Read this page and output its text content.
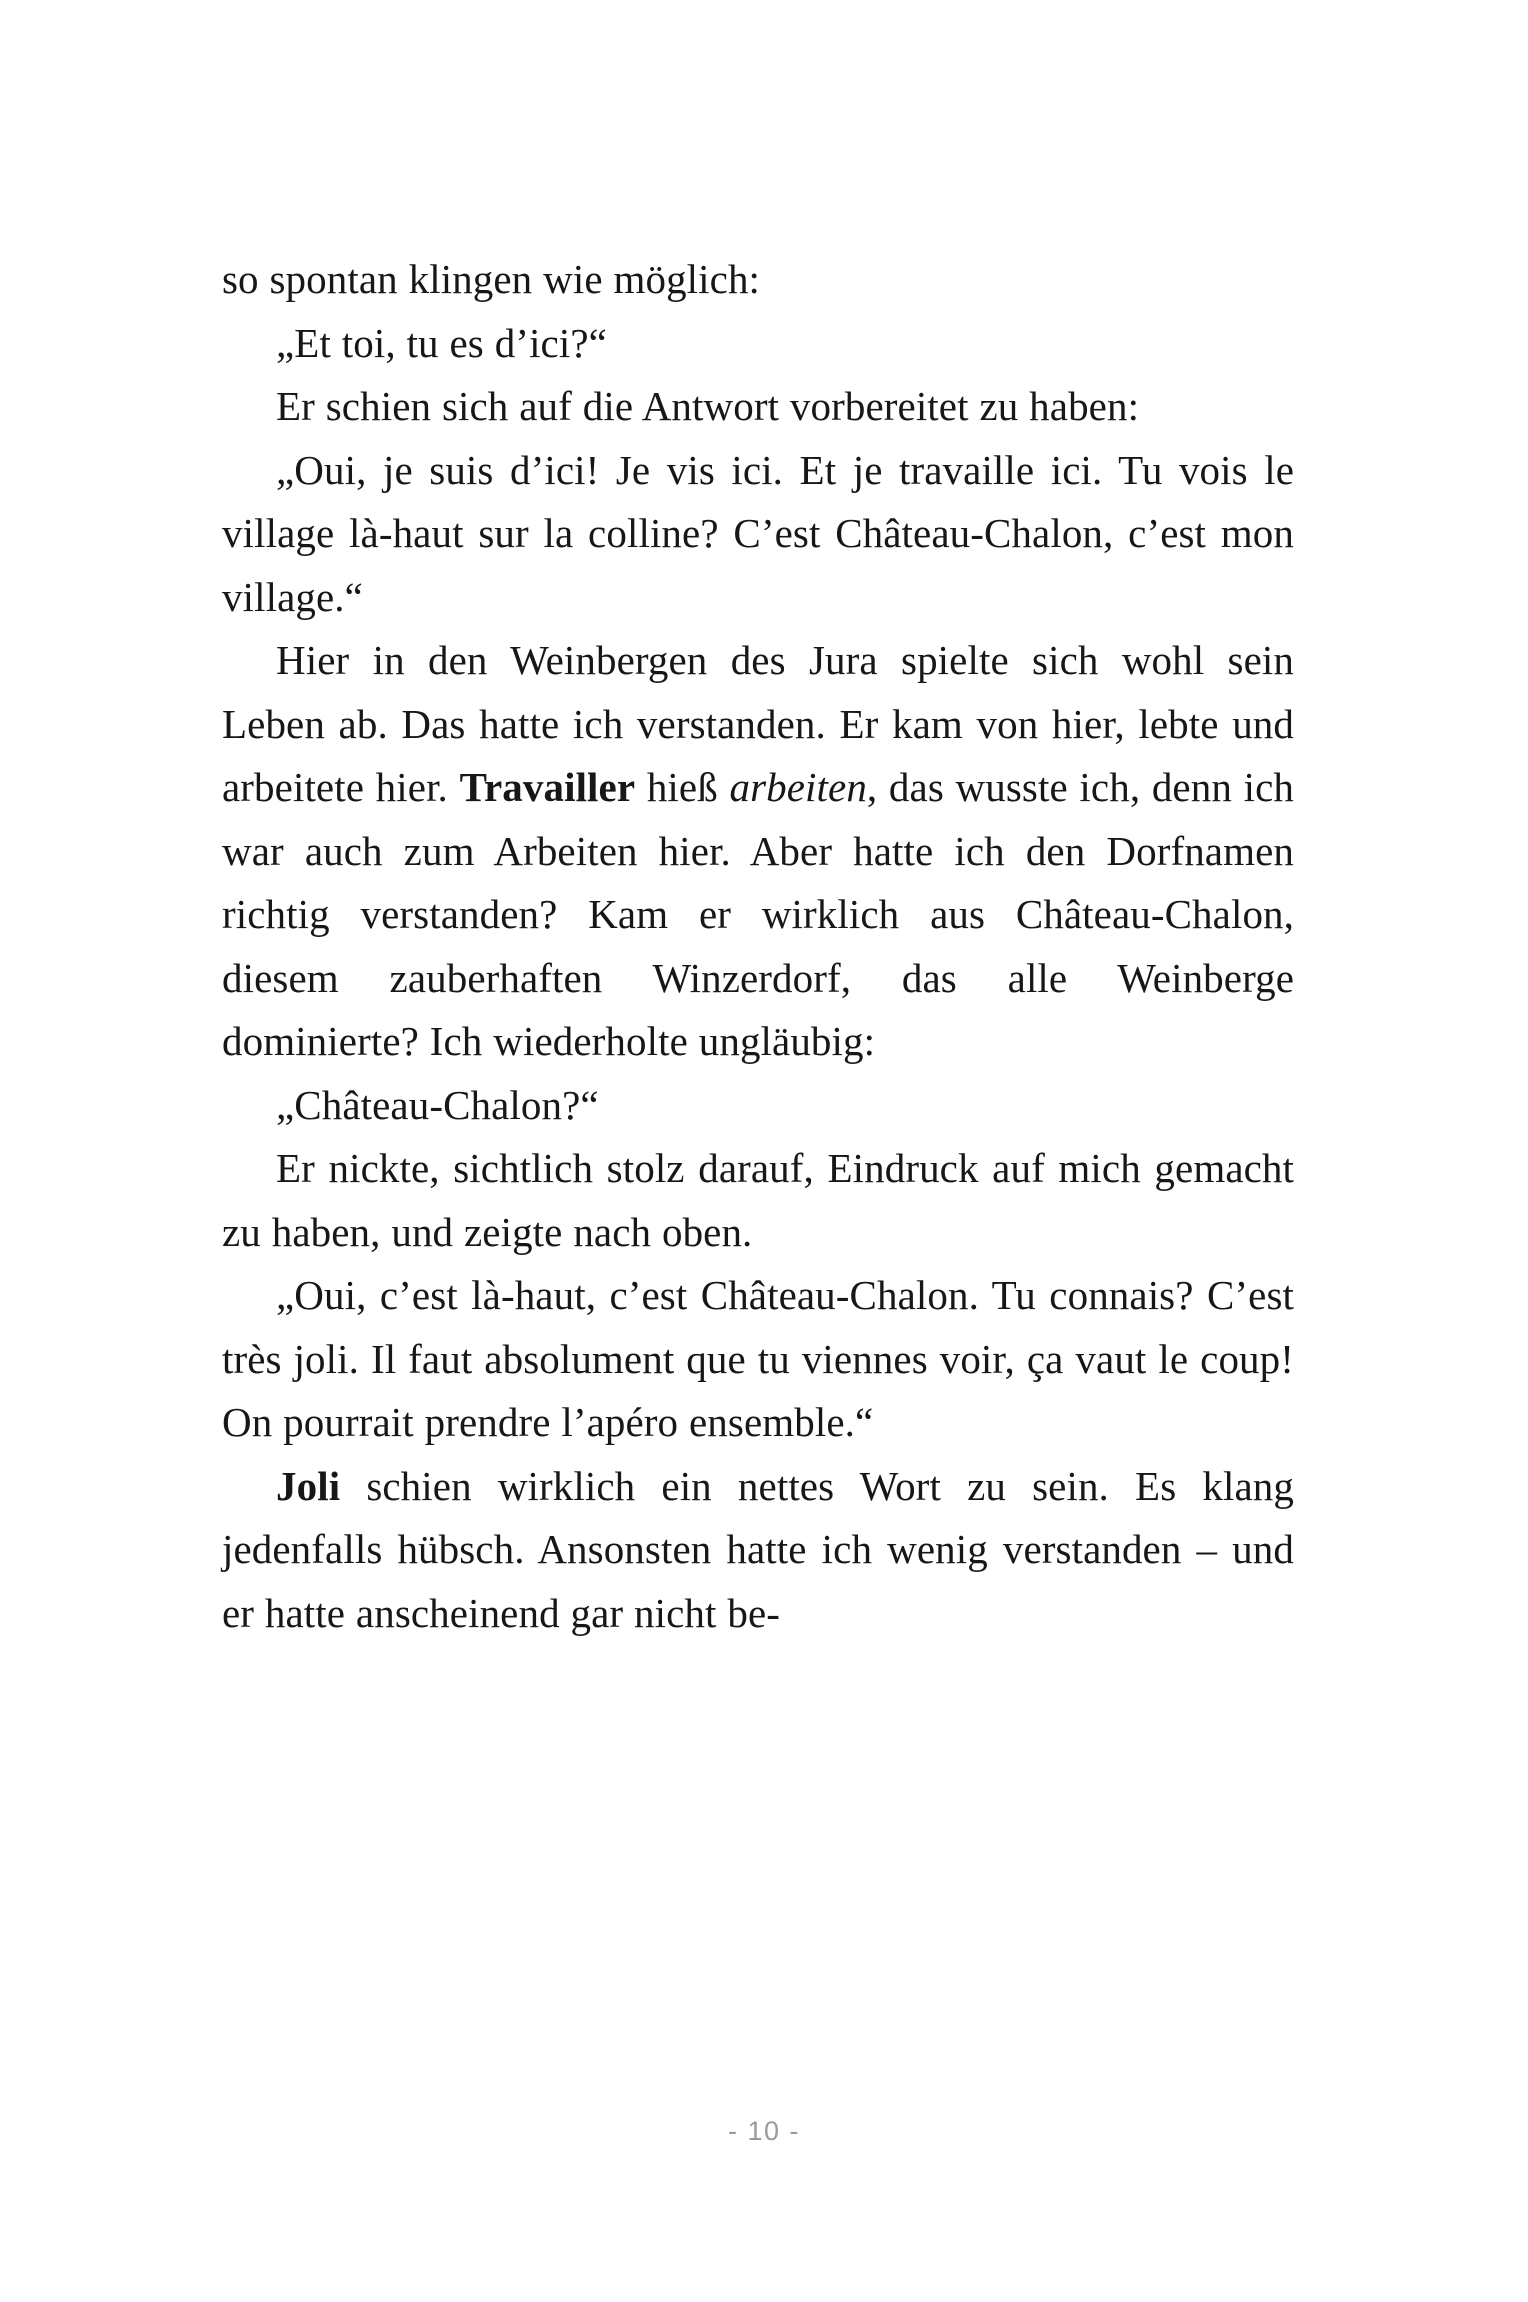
so spontan klingen wie möglich:

„Et toi, tu es d’ici?“

Er schien sich auf die Antwort vorbereitet zu haben:

„Oui, je suis d’ici! Je vis ici. Et je travaille ici. Tu vois le village là-haut sur la colline? C’est Château-Chalon, c’est mon village.“

Hier in den Weinbergen des Jura spielte sich wohl sein Leben ab. Das hatte ich verstanden. Er kam von hier, lebte und arbeitete hier. Travailler hieß arbeiten, das wusste ich, denn ich war auch zum Arbeiten hier. Aber hatte ich den Dorfnamen richtig verstanden? Kam er wirklich aus Château-Chalon, diesem zauberhaften Winzerdorf, das alle Weinberge dominierte? Ich wiederholte ungläubig:

„Château-Chalon?“

Er nickte, sichtlich stolz darauf, Eindruck auf mich gemacht zu haben, und zeigte nach oben.

„Oui, c’est là-haut, c’est Château-Chalon. Tu connais? C’est très joli. Il faut absolument que tu viennes voir, ça vaut le coup! On pourrait prendre l’apéro ensemble.“

Joli schien wirklich ein nettes Wort zu sein. Es klang jedenfalls hübsch. Ansonsten hatte ich wenig verstanden – und er hatte anscheinend gar nicht be-

- 10 -
